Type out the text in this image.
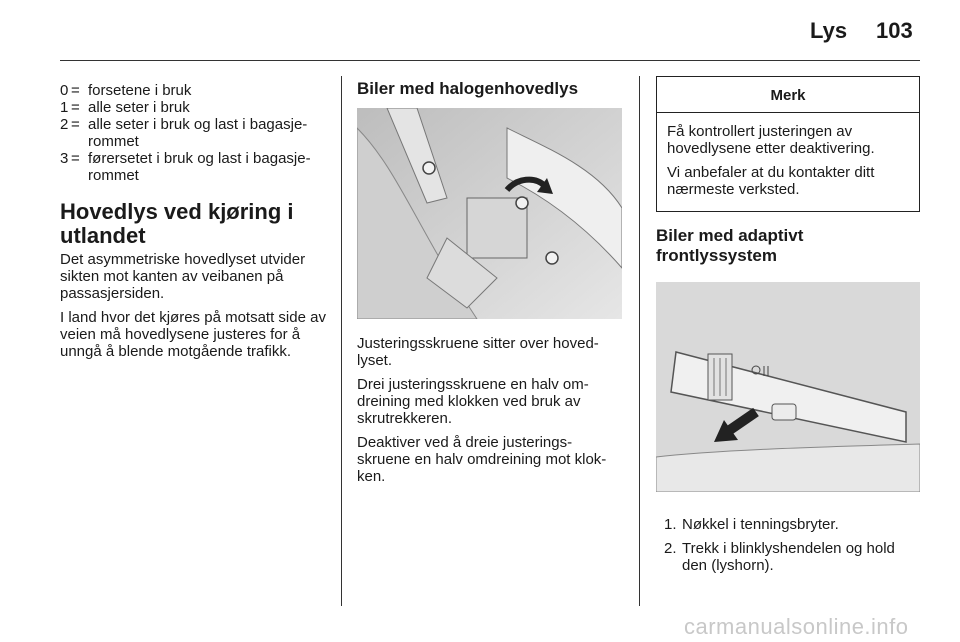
Lys 103
0 = forsetene i bruk
1 = alle seter i bruk
2 = alle seter i bruk og last i bagasje-rommet
3 = førersetet i bruk og last i bagasje-rommet
Hovedlys ved kjøring i utlandet

Det asymmetriske hovedlyset utvider sikten mot kanten av veibanen på passasjersiden.

I land hvor det kjøres på motsatt side av veien må hovedlysene justeres for å unngå å blende motgående trafikk.

Biler med halogenhovedlys

Justeringsskruene sitter over hoved-lyset.

Drei justeringsskruene en halv om-dreining med klokken ved bruk av skrutrekkeren.

Deaktiver ved å dreie justerings-skruene en halv omdreining mot klok-ken.

Merk

Få kontrollert justeringen av hovedlysene etter deaktivering.

Vi anbefaler at du kontakter ditt nærmeste verksted.

Biler med adaptivt frontlyssystem
1. Nøkkel i tenningsbryter.
2. Trekk i blinklyshendelen og hold den (lyshorn).
carmanualsonline.info
